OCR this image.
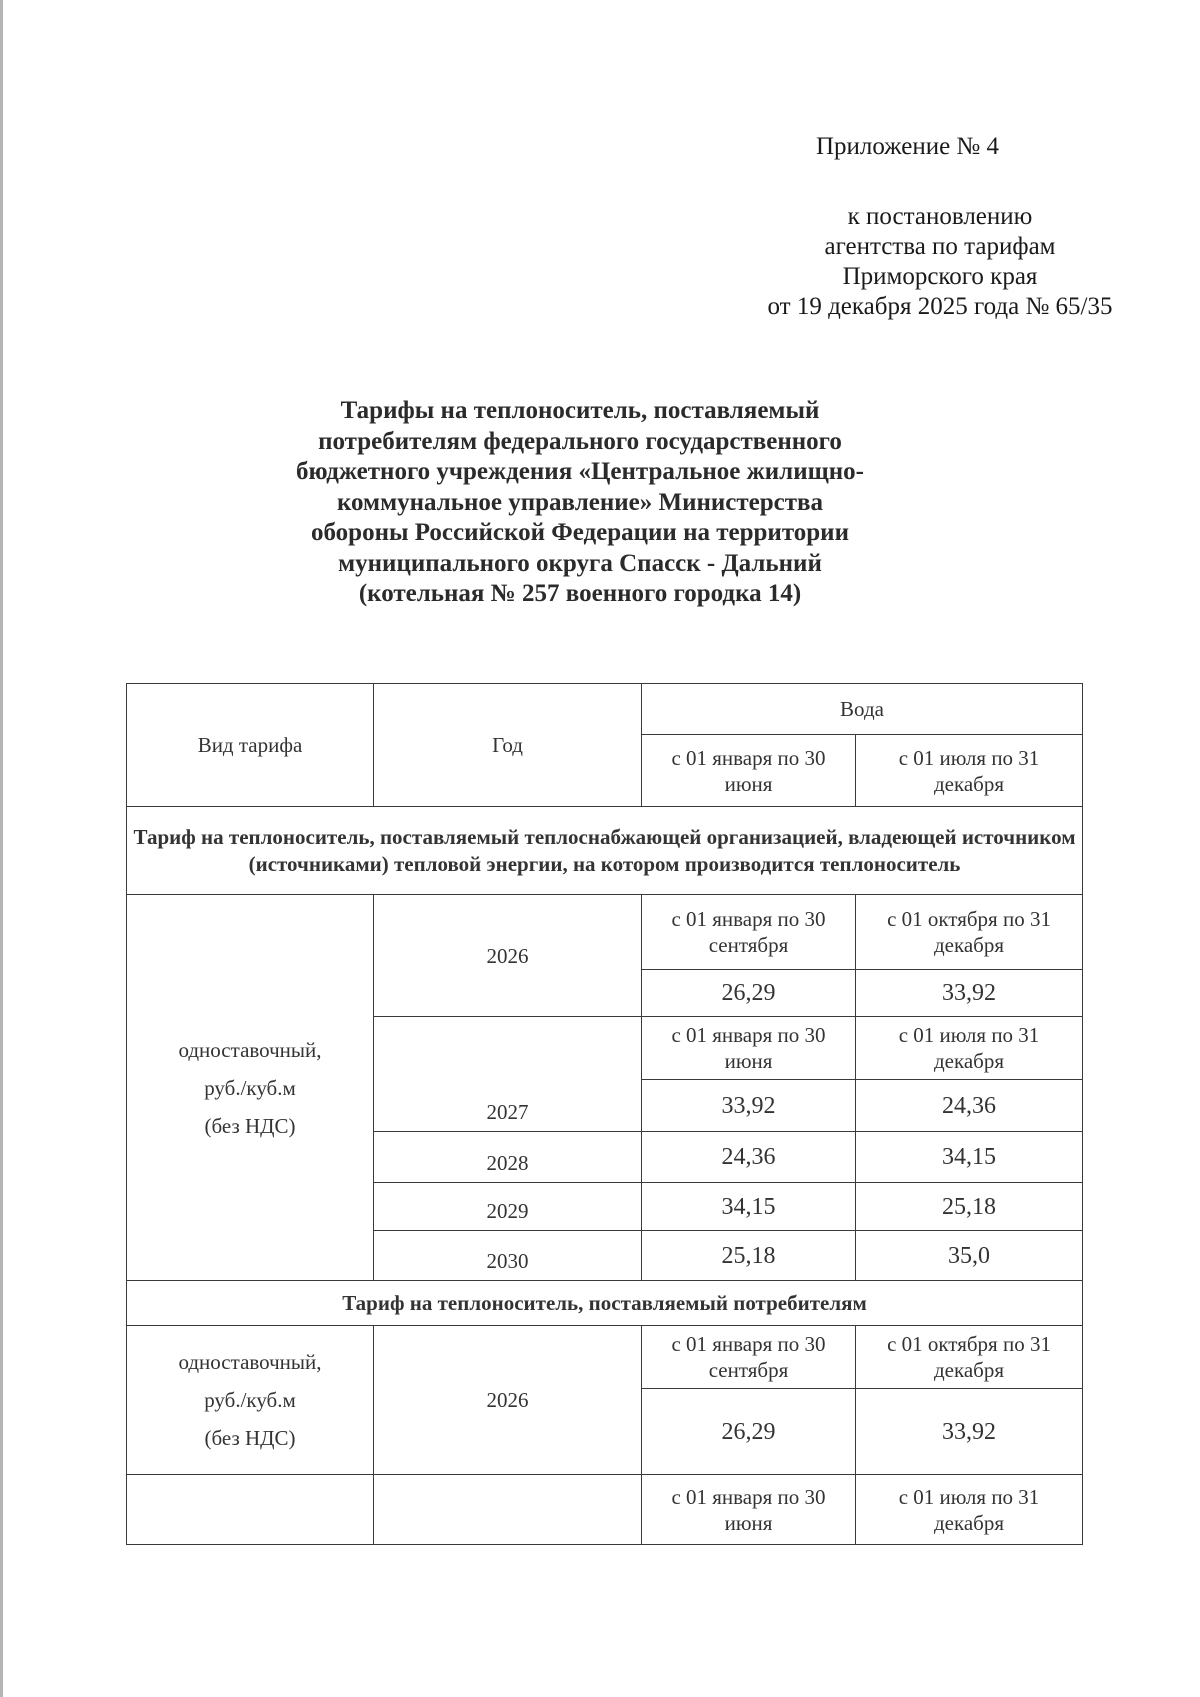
Приложение № 4
к постановлению
агентства по тарифам
Приморского края
от 19 декабря 2025 года № 65/35
Тарифы на теплоноситель, поставляемый
потребителям федерального государственного
бюджетного учреждения «Центральное жилищно-
коммунальное управление» Министерства
обороны Российской Федерации на территории
муниципального округа Спасск - Дальний
(котельная № 257 военного городка 14)
Вид тарифа	Год	Вода	
		с 01 января по 30 июня	с 01 июля по 31 декабря
Тариф на теплоноситель, поставляемый теплоснабжающей организацией, владеющей источником (источниками) тепловой энергии, на котором производится теплоноситель			

одноставочный,
руб./куб.м
(без НДС)	2026	с 01 января по 30 сентября	с 01 октября по 31 декабря
		26,29	33,92
	2027	с 01 января по 30 июня	с 01 июля по 31 декабря
		33,92	24,36
	2028	24,36	34,15
	2029	34,15	25,18
	2030	25,18	35,0

Тариф на теплоноситель, поставляемый потребителям			

одноставочный,
руб./куб.м
(без НДС)	2026	с 01 января по 30 сентября	с 01 октября по 31 декабря
		26,29	33,92
		с 01 января по 30 июня	с 01 июля по 31 декабря
